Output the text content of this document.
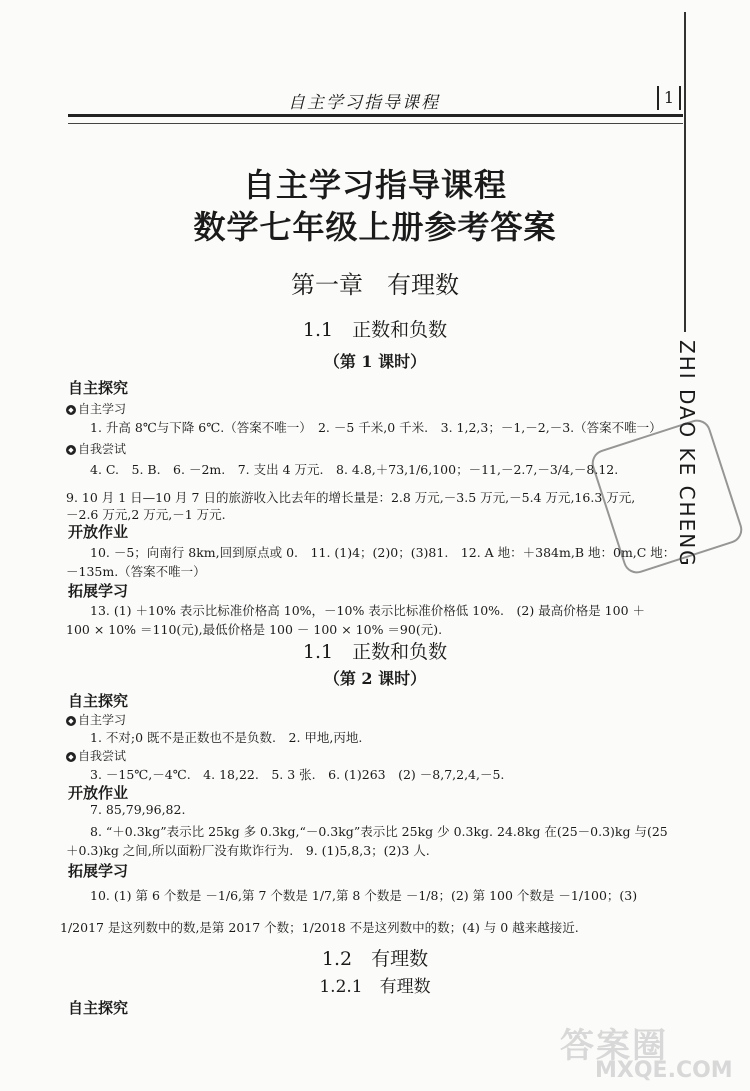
自主学习指导课程	1
自主学习指导课程
数学七年级上册参考答案
第一章　有理数
1.1　正数和负数
（第 1 课时）
自主探究
◆ 自主学习
1. 升高 8℃与下降 6℃.（答案不唯一）　2. －5 千米,0 千米.　3. 1,2,3；－1,－2,－3.（答案不唯一）
◆ 自我尝试
4. C.　5. B.　6. －2m.　7. 支出 4 万元.　8. 4.8,＋73,1/6,100；－11,－2.7,－3/4,－8.12.
9. 10 月 1 日—10 月 7 日的旅游收入比去年的增长量是：2.8 万元,－3.5 万元,－5.4 万元,16.3 万元,
－2.6 万元,2 万元,－1 万元.
开放作业
10. －5；向南行 8km,回到原点或 0.　11. (1)4；(2)0；(3)81.　12. A 地：＋384m,B 地：0m,C 地：
－135m.（答案不唯一）
拓展学习
13. (1) ＋10% 表示比标准价格高 10%，－10% 表示比标准价格低 10%.　(2) 最高价格是 100 ＋
100 × 10% ＝110(元),最低价格是 100 － 100 × 10% ＝90(元).
1.1　正数和负数
（第 2 课时）
自主探究
◆ 自主学习
1. 不对;0 既不是正数也不是负数.　2. 甲地,丙地.
◆ 自我尝试
3. －15℃,－4℃.　4. 18,22.　5. 3 张.　6. (1)263　(2) －8,7,2,4,－5.
开放作业
7. 85,79,96,82.
8. “＋0.3kg”表示比 25kg 多 0.3kg,“－0.3kg”表示比 25kg 少 0.3kg. 24.8kg 在(25－0.3)kg 与(25
＋0.3)kg 之间,所以面粉厂没有欺诈行为.　9. (1)5,8,3；(2)3 人.
拓展学习
10. (1) 第 6 个数是 －1/6,第 7 个数是 1/7,第 8 个数是 －1/8；(2) 第 100 个数是 －1/100；(3)
1/2017 是这列数中的数,是第 2017 个数；1/2018 不是这列数中的数；(4) 与 0 越来越接近.
1.2　有理数
1.2.1　有理数
自主探究
ZHI DAO KE CHENG
答案圈
MXQE.COM
